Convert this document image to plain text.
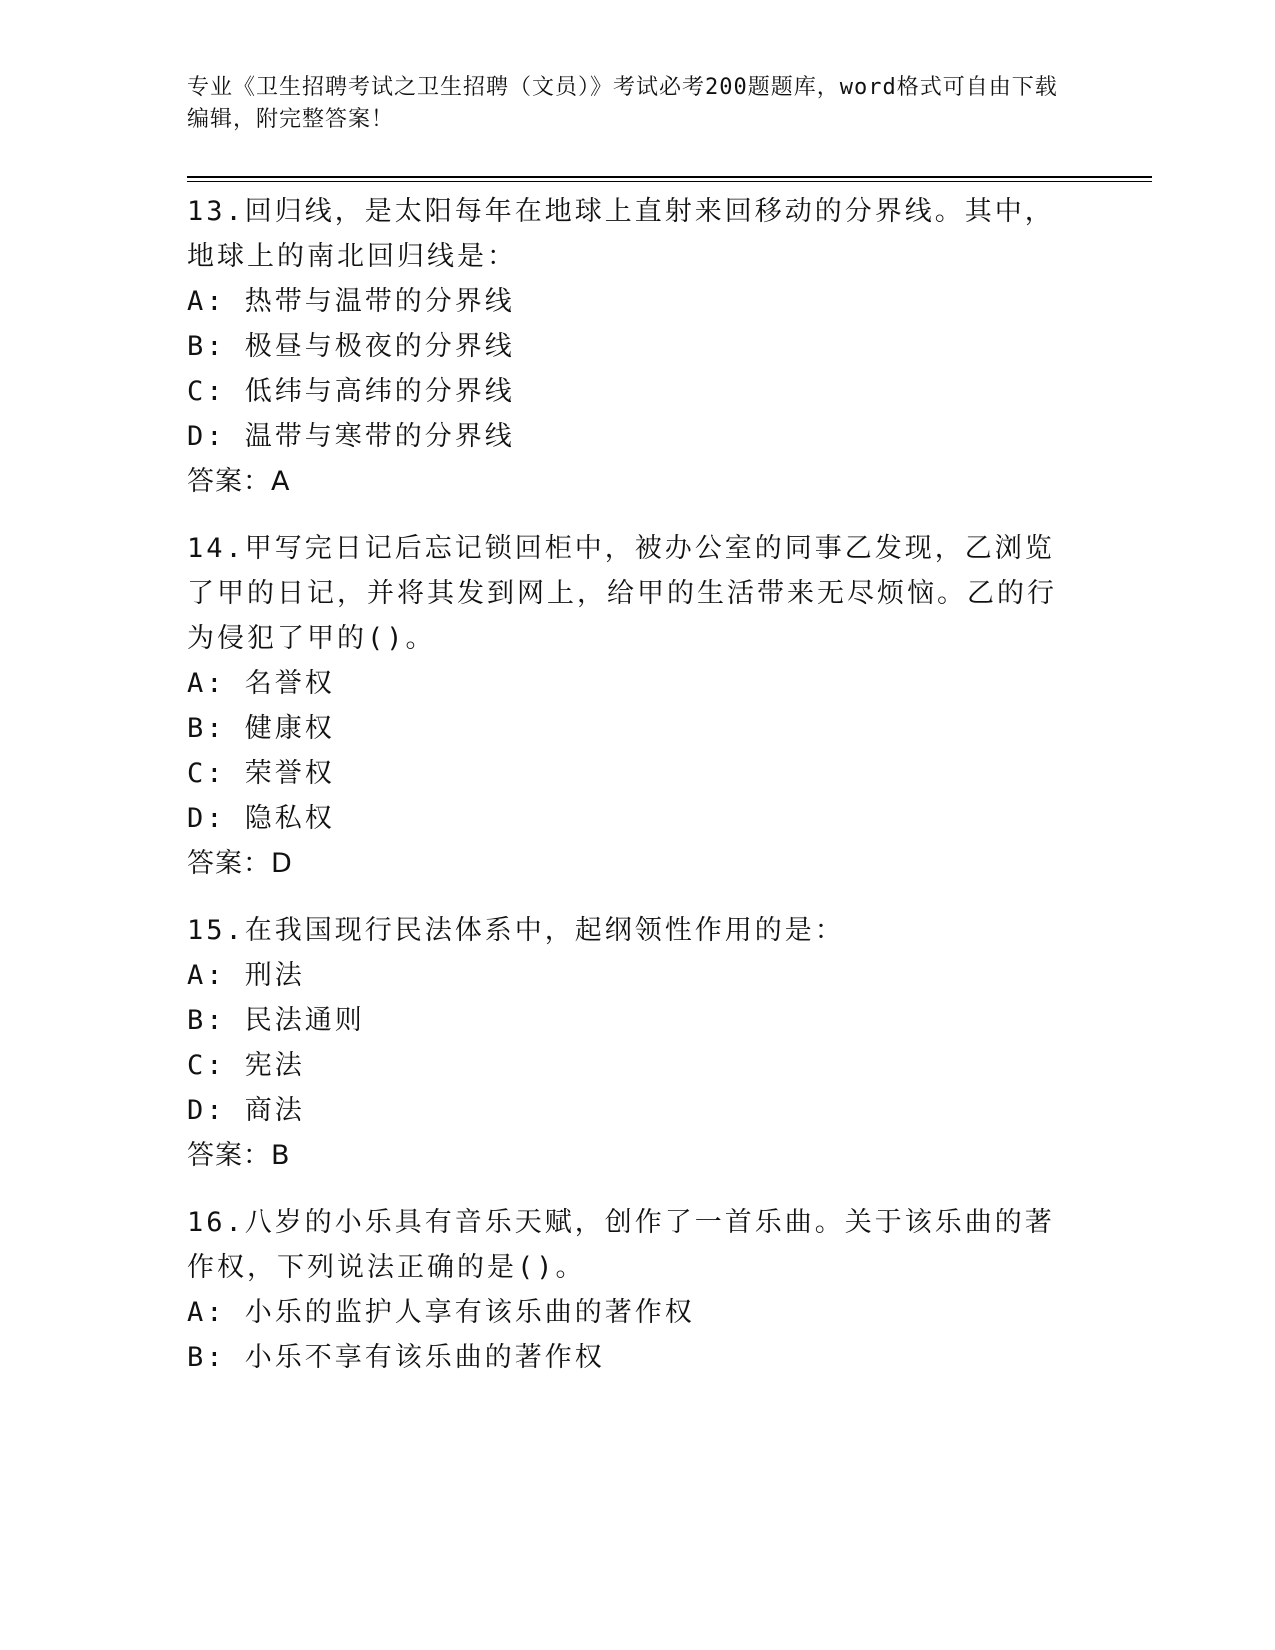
专业《卫生招聘考试之卫生招聘（文员）》考试必考200题题库，word格式可自由下载编辑，附完整答案！
13.回归线，是太阳每年在地球上直射来回移动的分界线。其中，地球上的南北回归线是：
A: 热带与温带的分界线
B: 极昼与极夜的分界线
C: 低纬与高纬的分界线
D: 温带与寒带的分界线
答案：A
14.甲写完日记后忘记锁回柜中，被办公室的同事乙发现，乙浏览了甲的日记，并将其发到网上，给甲的生活带来无尽烦恼。乙的行为侵犯了甲的()。
A: 名誉权
B: 健康权
C: 荣誉权
D: 隐私权
答案：D
15.在我国现行民法体系中，起纲领性作用的是：
A: 刑法
B: 民法通则
C: 宪法
D: 商法
答案：B
16.八岁的小乐具有音乐天赋，创作了一首乐曲。关于该乐曲的著作权，下列说法正确的是()。
A: 小乐的监护人享有该乐曲的著作权
B: 小乐不享有该乐曲的著作权
